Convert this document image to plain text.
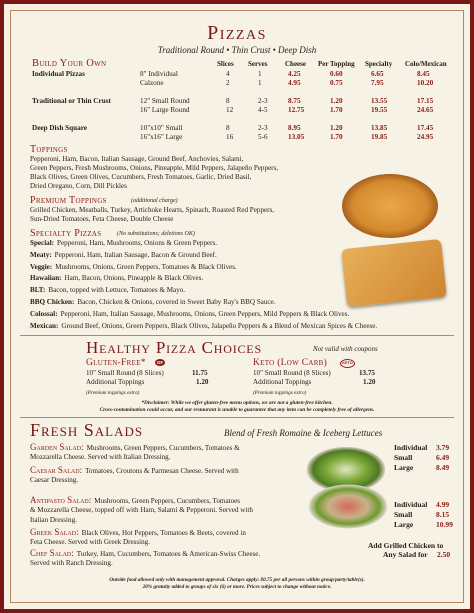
Pizzas
Traditional Round • Thin Crust • Deep Dish
Build Your Own	Slices Serves	Cheese Per Topping Specialty Colo/Mexican
Individual Pizzas	8" Individual	4	1	4.25	0.60	6.65	8.45
Calzone	2	1	4.95	0.75	7.95	10.20
Traditional or Thin Crust	12" Small Round	8	2-3	8.75	1.20	13.55	17.15
16" Large Round	12	4-5	12.75	1.70	19.55	24.65
Deep Dish Square	10"x10" Small	8	2-3	8.95	1.20	13.85	17.45
16"x16" Large	16	5-6	13.05	1.70	19.85	24.95
Toppings
Pepperoni, Ham, Bacon, Italian Sausage, Ground Beef, Anchovies, Salami,
Green Peppers, Fresh Mushrooms, Onions, Pineapple, Mild Peppers, Jalapeño Peppers,
Black Olives, Green Olives, Cucumbers, Fresh Tomatoes, Garlic, Dried Basil,
Dried Oregano, Corn, Dill Pickles
Premium Toppings	(additional charge)
Grilled Chicken, Meatballs, Turkey, Artichoke Hearts, Spinach, Roasted Red Peppers,
Sun-Dried Tomatoes, Feta Cheese, Double Cheese
Specialty Pizzas	(No substitutions; deletions OK)
Special: Pepperoni, Ham, Mushrooms, Onions & Green Peppers.
Meaty: Pepperoni, Ham, Italian Sausage, Bacon & Ground Beef.
Veggie: Mushrooms, Onions, Green Peppers, Tomatoes & Black Olives.
Hawaiian: Ham, Bacon, Onions, Pineapple & Black Olives.
BLT: Bacon, topped with Lettuce, Tomatoes & Mayo.
BBQ Chicken: Bacon, Chicken & Onions, covered in Sweet Baby Ray's BBQ Sauce.
Colossal: Pepperoni, Ham, Italian Sausage, Mushrooms, Onions, Green Peppers, Mild Peppers & Black Olives.
Mexican: Ground Beef, Onions, Green Peppers, Black Olives, Jalapeño Peppers & a Blend of Mexican Spices & Cheese.
Healthy Pizza Choices	Not valid with coupons
Gluten-Free*	GF
10" Small Round (8 Slices)	11.75
Additional Toppings	1.20
(Premium toppings extra)
Keto (Low Carb)	KETO
10" Small Round (8 Slices)	13.75
Additional Toppings	1.20
(Premium toppings extra)
*Disclaimer: While we offer gluten-free menu options, we are not a gluten-free kitchen.
Cross-contamination could occur, and our restaurant is unable to guarantee that any item can be completely free of allergens.
Fresh Salads	Blend of Fresh Romaine & Iceberg Lettuces
Garden Salad: Mushrooms, Green Peppers, Cucumbers, Tomatoes &
Mozzarella Cheese. Served with Italian Dressing.
Caesar Salad: Tomatoes, Croutons & Parmesan Cheese. Served with
Caesar Dressing.
Antipasto Salad: Mushrooms, Green Peppers, Cucumbers, Tomatoes
& Mozzarella Cheese, topped off with Ham, Salami & Pepperoni. Served with
Italian Dressing.
Greek Salad: Black Olives, Hot Peppers, Tomatoes & Beets, covered in
Feta Cheese. Served with Greek Dressing.
Chef Salad: Turkey, Ham, Cucumbers, Tomatoes & American-Swiss Cheese.
Served with Ranch Dressing.
Individual 3.79
Small	6.49
Large	8.49
Individual 4.99
Small	8.15
Large	10.99
Add Grilled Chicken to
Any Salad for 2.50
Outside food allowed only with management approval. Charges apply: $0.75 per all persons within group/party/table(s).
20% gratuity added to groups of six (6) or more. Prices subject to change without notice.
